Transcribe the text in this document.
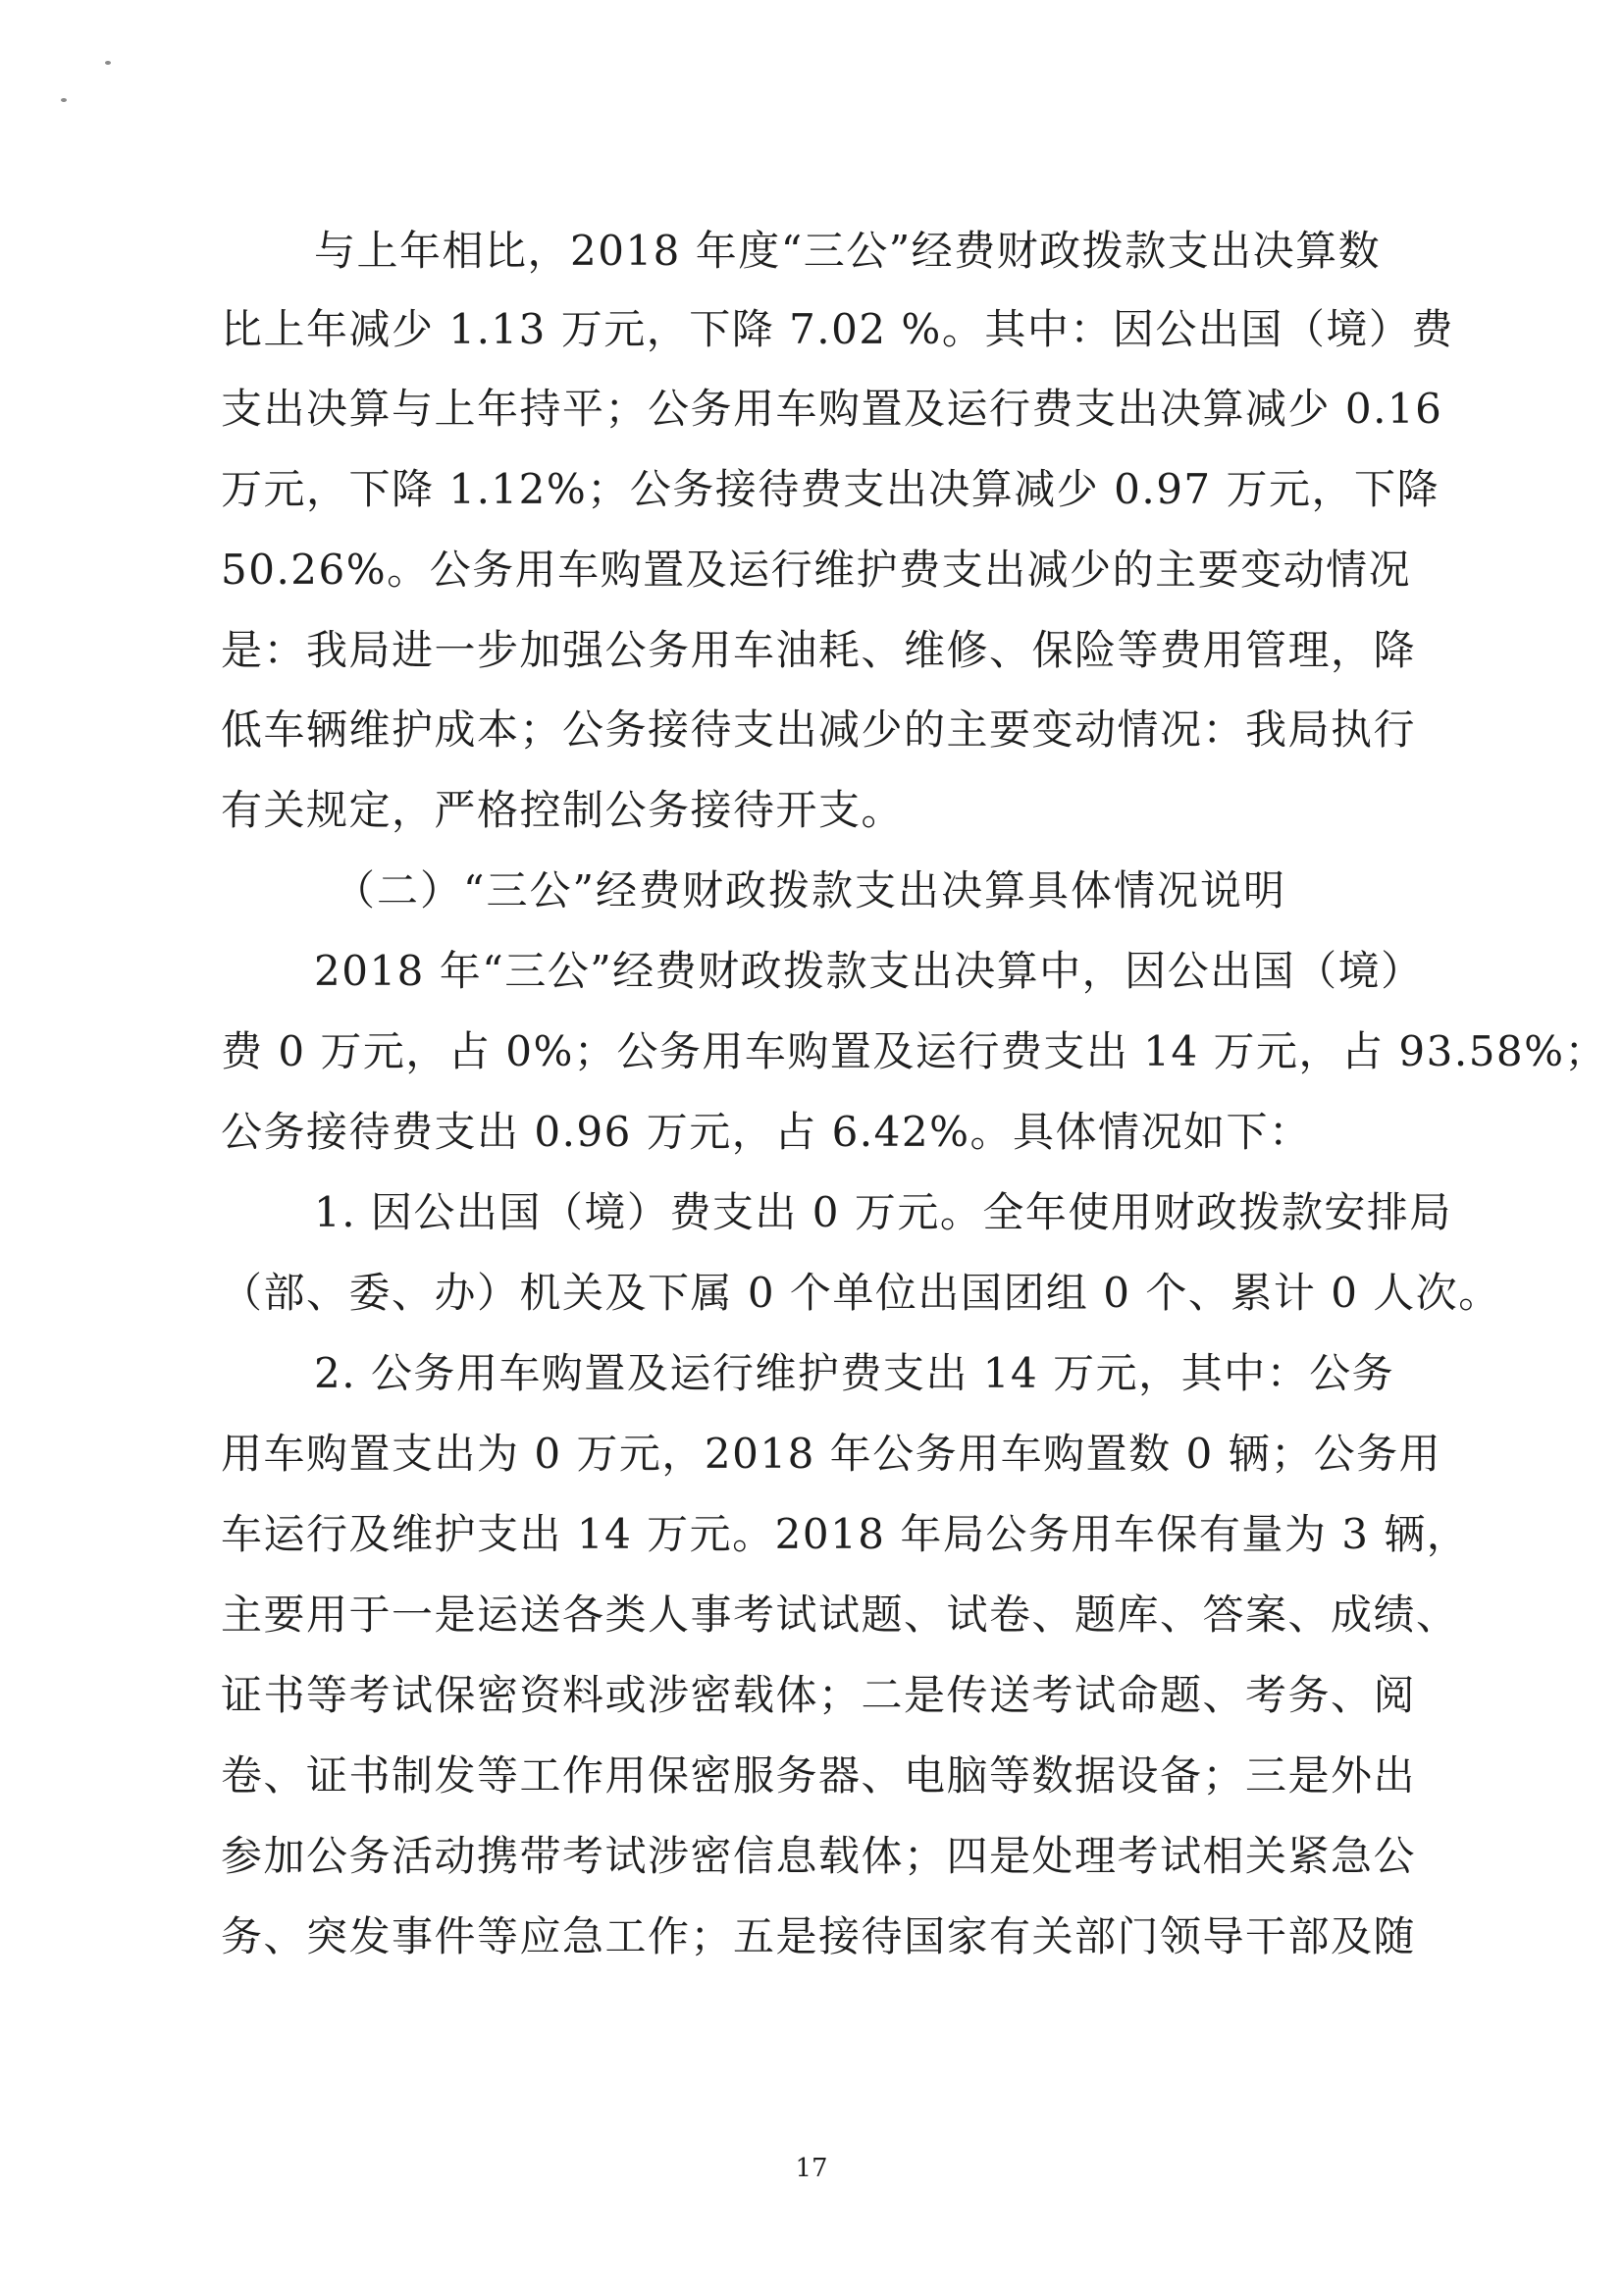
与上年相比，2018 年度“三公”经费财政拨款支出决算数
比上年减少 1.13 万元，下降 7.02 %。其中：因公出国（境）费
支出决算与上年持平；公务用车购置及运行费支出决算减少 0.16
万元，下降 1.12%；公务接待费支出决算减少 0.97 万元，下降
50.26%。公务用车购置及运行维护费支出减少的主要变动情况
是：我局进一步加强公务用车油耗、维修、保险等费用管理，降
低车辆维护成本；公务接待支出减少的主要变动情况：我局执行
有关规定，严格控制公务接待开支。
（二）“三公”经费财政拨款支出决算具体情况说明
2018 年“三公”经费财政拨款支出决算中，因公出国（境）
费 0 万元，占 0%；公务用车购置及运行费支出 14 万元，占 93.58%；
公务接待费支出 0.96 万元，占 6.42%。具体情况如下：
1. 因公出国（境）费支出 0 万元。全年使用财政拨款安排局
（部、委、办）机关及下属 0 个单位出国团组 0 个、累计 0 人次。
2. 公务用车购置及运行维护费支出 14 万元，其中：公务
用车购置支出为 0 万元，2018 年公务用车购置数 0 辆；公务用
车运行及维护支出 14 万元。2018 年局公务用车保有量为 3 辆，
主要用于一是运送各类人事考试试题、试卷、题库、答案、成绩、
证书等考试保密资料或涉密载体；二是传送考试命题、考务、阅
卷、证书制发等工作用保密服务器、电脑等数据设备；三是外出
参加公务活动携带考试涉密信息载体；四是处理考试相关紧急公
务、突发事件等应急工作；五是接待国家有关部门领导干部及随
17
